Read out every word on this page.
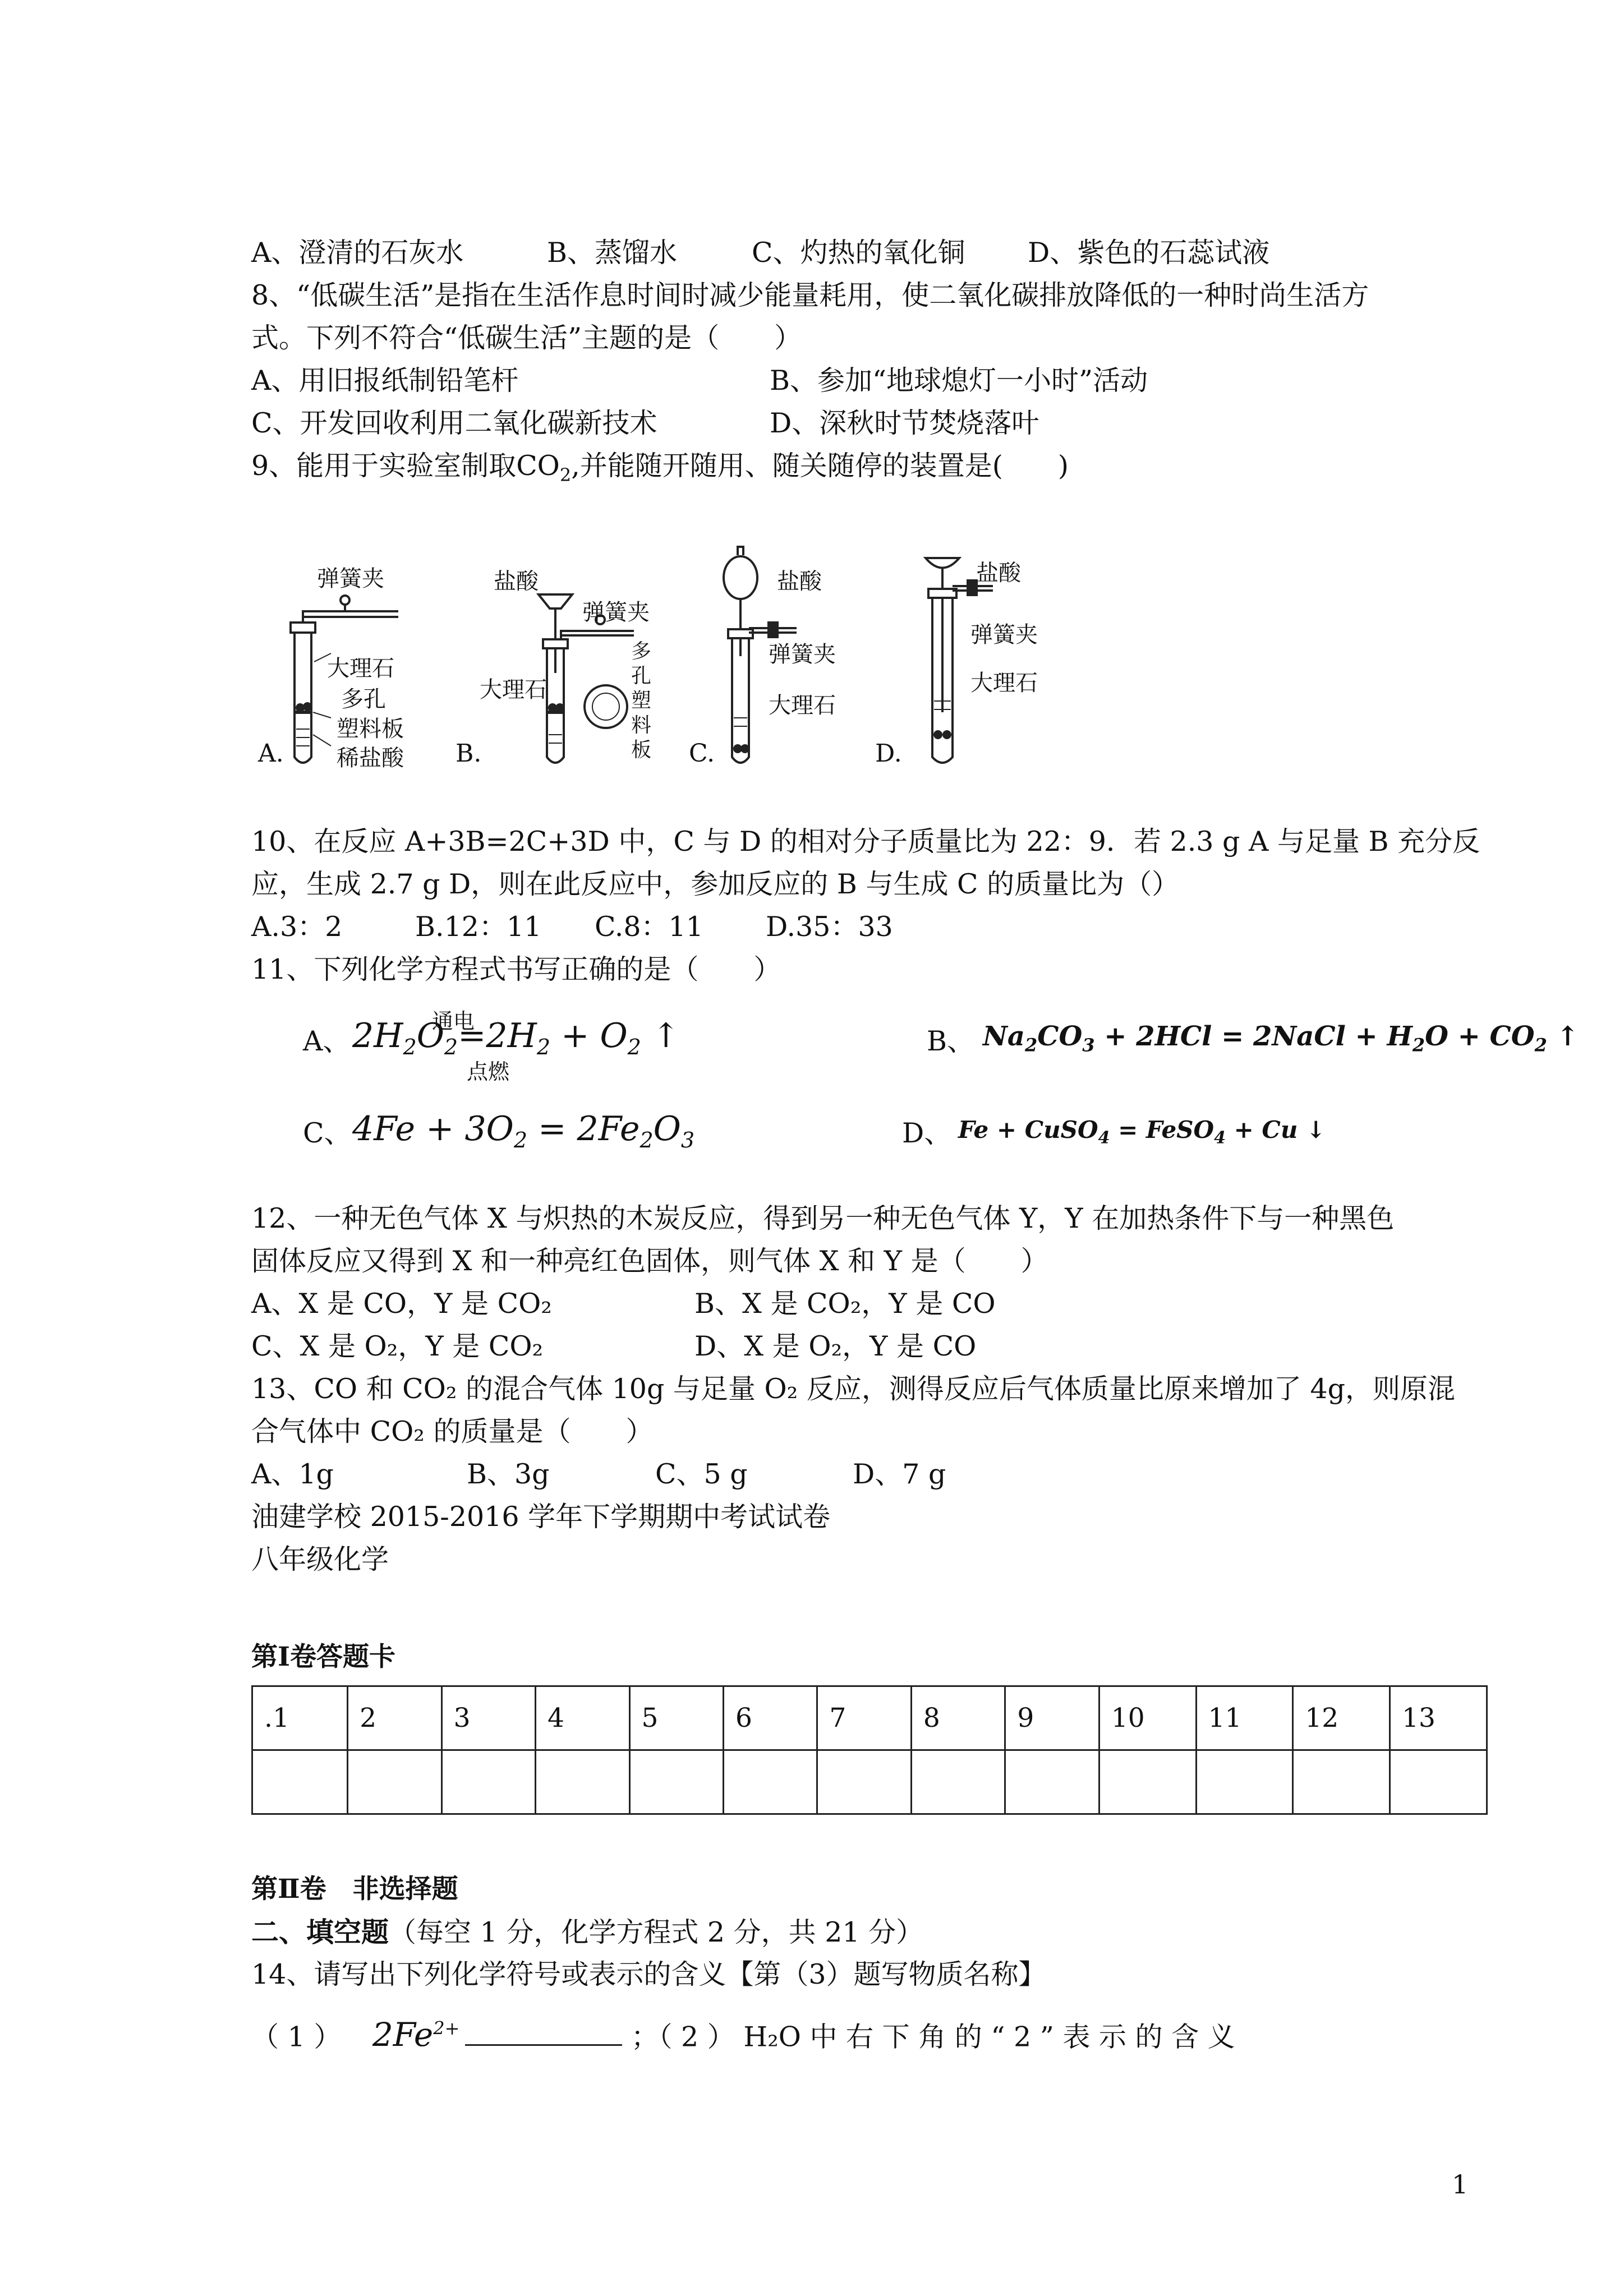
A、澄清的石灰水	B、蒸馏水	C、灼热的氧化铜 D、紫色的石蕊试液
8、“低碳生活”是指在生活作息时间时减少能量耗用，使二氧化碳排放降低的一种时尚生活方
式。下列不符合“低碳生活”主题的是（　　）
A、用旧报纸制铅笔杆	B、参加“地球熄灯一小时”活动
C、开发回收利用二氧化碳新技术	D、深秋时节焚烧落叶
9、能用于实验室制取$CO_2$,并能随开随用、随关随停的装置是(　　)
弹簧夹
大理石
多孔
塑料板
稀盐酸
盐酸
弹簧夹
大理石
多孔塑料板
盐酸
弹簧夹
大理石
盐酸
弹簧夹
大理石
A.	B.	C.	D.
10、在反应 A+3B=2C+3D 中，C 与 D 的相对分子质量比为 22：9．若 2.3 g A 与足量 B 充分反
应，生成 2.7 g D，则在此反应中，参加反应的 B 与生成 C 的质量比为（）
A.3：2	B.12：11 C.8：11 D.35：33
11、下列化学方程式书写正确的是（　　）
A、
通电
点燃
$2H_2O_2=2H_2 + O_2$ ↑	B、 $Na_2CO_3 + 2HCl$ = 2NaCl + $H_2O + CO_2$ ↑
C、 $4Fe + 3O_2 = 2Fe_2O_3$	D、 Fe + CuSO$_4$ = FeSO$_4$ + Cu ↓
12、一种无色气体 X 与炽热的木炭反应，得到另一种无色气体 Y，Y 在加热条件下与一种黑色
固体反应又得到 X 和一种亮红色固体，则气体 X 和 Y 是（　　）
A、X 是 CO，Y 是 CO₂	B、X 是 CO₂，Y 是 CO
C、X 是 O₂，Y 是 CO₂	D、X 是 O₂，Y 是 CO
13、CO 和 CO₂ 的混合气体 10g 与足量 O₂ 反应，测得反应后气体质量比原来增加了 4g，则原混
合气体中 CO₂ 的质量是（　　）
A、1g	B、3g	C、5 g	D、7 g
油建学校 2015-2016 学年下学期期中考试试卷
八年级化学
第Ⅰ卷答题卡
.1	2	3	4	5	6	7	8	9	10	11	12	13

第Ⅱ卷　非选择题
二、填空题（每空 1 分，化学方程式 2 分，共 21 分）
14、请写出下列化学符号或表示的含义【第（3）题写物质名称】
（ 1 ） $2Fe^{2+}$	；（ 2 ） H₂O 中 右 下 角 的 “ 2 ” 表 示 的 含 义
1
